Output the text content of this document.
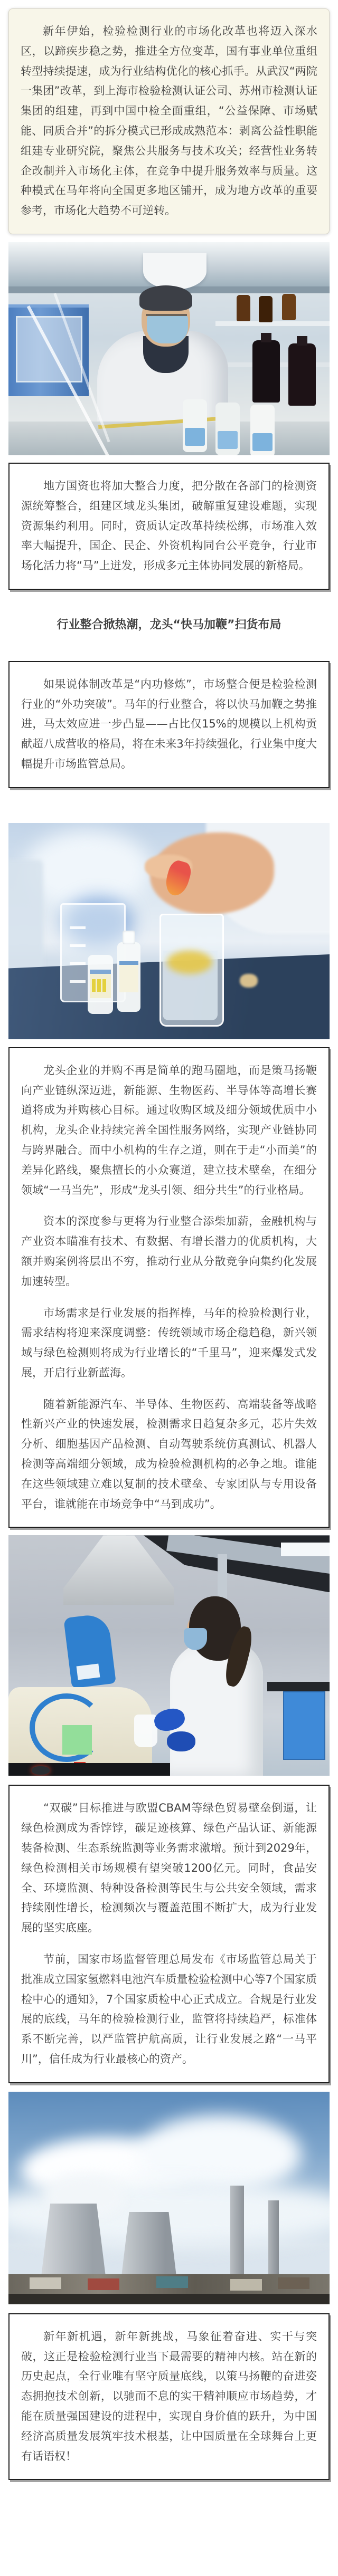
新年伊始，检验检测行业的市场化改革也将迈入深水区，以蹄疾步稳之势，推进全方位变革，国有事业单位重组转型持续提速，成为行业结构优化的核心抓手。从武汉“两院一集团”改革，到上海市检验检测认证公司、苏州市检测认证集团的组建，再到中国中检全面重组，“公益保障、市场赋能、同质合并”的拆分模式已形成成熟范本：剥离公益性职能组建专业研究院，聚焦公共服务与技术攻关；经营性业务转企改制并入市场化主体，在竞争中提升服务效率与质量。这种模式在马年将向全国更多地区铺开，成为地方改革的重要参考，市场化大趋势不可逆转。

地方国资也将加大整合力度，把分散在各部门的检测资源统筹整合，组建区域龙头集团，破解重复建设难题，实现资源集约利用。同时，资质认定改革持续松绑，市场准入效率大幅提升，国企、民企、外资机构同台公平竞争，行业市场化活力将“马”上迸发，形成多元主体协同发展的新格局。

行业整合掀热潮，龙头“快马加鞭”扫货布局

如果说体制改革是“内功修炼”，市场整合便是检验检测行业的“外功突破”。马年的行业整合，将以快马加鞭之势推进，马太效应进一步凸显——占比仅15%的规模以上机构贡献超八成营收的格局，将在未来3年持续强化，行业集中度大幅提升市场监管总局。

龙头企业的并购不再是简单的跑马圈地，而是策马扬鞭向产业链纵深迈进，新能源、生物医药、半导体等高增长赛道将成为并购核心目标。通过收购区域及细分领域优质中小机构，龙头企业持续完善全国性服务网络，实现产业链协同与跨界融合。而中小机构的生存之道，则在于走“小而美”的差异化路线，聚焦擅长的小众赛道，建立技术壁垒，在细分领域“一马当先”，形成“龙头引领、细分共生”的行业格局。

资本的深度参与更将为行业整合添柴加薪，金融机构与产业资本瞄准有技术、有数据、有增长潜力的优质机构，大额并购案例将层出不穷，推动行业从分散竞争向集约化发展加速转型。

市场需求是行业发展的指挥棒，马年的检验检测行业，需求结构将迎来深度调整：传统领域市场企稳趋稳，新兴领域与绿色检测则将成为行业增长的“千里马”，迎来爆发式发展，开启行业新蓝海。

随着新能源汽车、半导体、生物医药、高端装备等战略性新兴产业的快速发展，检测需求日趋复杂多元，芯片失效分析、细胞基因产品检测、自动驾驶系统仿真测试、机器人检测等高端细分领域，成为检验检测机构的必争之地。谁能在这些领域建立难以复制的技术壁垒、专家团队与专用设备平台，谁就能在市场竞争中“马到成功”。

“双碳”目标推进与欧盟CBAM等绿色贸易壁垒倒逼，让绿色检测成为香饽饽，碳足迹核算、绿色产品认证、新能源装备检测、生态系统监测等业务需求激增。预计到2029年，绿色检测相关市场规模有望突破1200亿元。同时，食品安全、环境监测、特种设备检测等民生与公共安全领域，需求持续刚性增长，检测频次与覆盖范围不断扩大，成为行业发展的坚实底座。

节前，国家市场监督管理总局发布《市场监管总局关于批准成立国家氢燃料电池汽车质量检验检测中心等7个国家质检中心的通知》，7个国家质检中心正式成立。合规是行业发展的底线，马年的检验检测行业，监管将持续趋严，标准体系不断完善，以严监管护航高质，让行业发展之路“一马平川”，信任成为行业最核心的资产。

新年新机遇，新年新挑战，马象征着奋进、实干与突破，这正是检验检测行业当下最需要的精神内核。站在新的历史起点，全行业唯有坚守质量底线，以策马扬鞭的奋进姿态拥抱技术创新，以驰而不息的实干精神顺应市场趋势，才能在质量强国建设的进程中，实现自身价值的跃升，为中国经济高质量发展筑牢技术根基，让中国质量在全球舞台上更有话语权！
